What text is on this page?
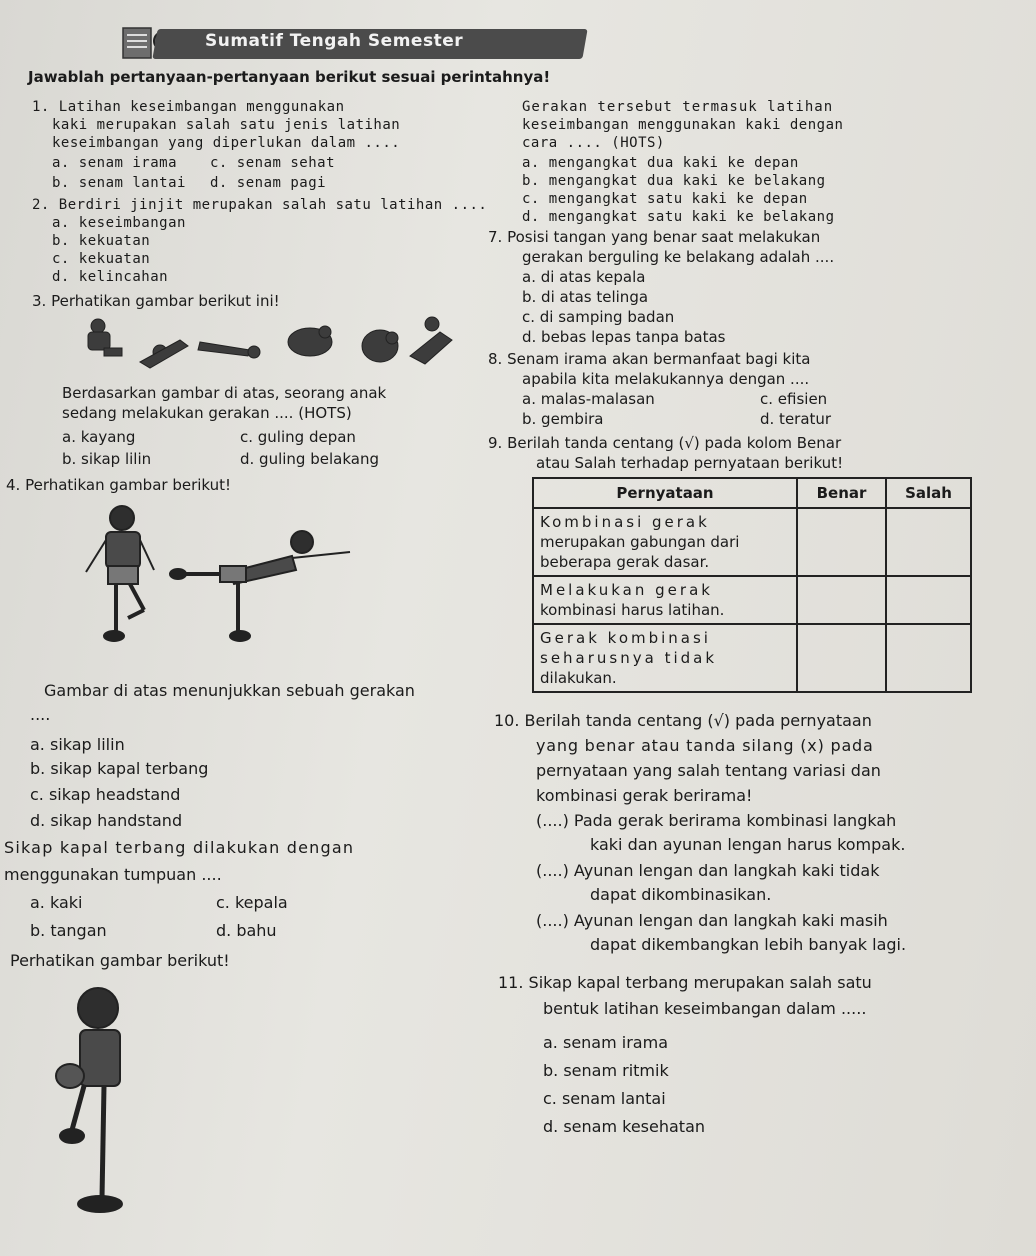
Sumatif Tengah Semester
Jawablah pertanyaan-pertanyaan berikut sesuai perintahnya!
1. Latihan keseimbangan menggunakan
kaki merupakan salah satu jenis latihan
keseimbangan yang diperlukan dalam ....
a. senam irama c. senam sehat
b. senam lantai d. senam pagi
2. Berdiri jinjit merupakan salah satu latihan ....
a. keseimbangan
b. kekuatan
c. kekuatan
d. kelincahan
3. Perhatikan gambar berikut ini!
Berdasarkan gambar di atas, seorang anak
sedang melakukan gerakan .... (HOTS)
a. kayang	c. guling depan
b. sikap lilin	d. guling belakang
4. Perhatikan gambar berikut!
Gambar di atas menunjukkan sebuah gerakan
....
a. sikap lilin
b. sikap kapal terbang
c. sikap headstand
d. sikap handstand
Sikap kapal terbang dilakukan dengan
menggunakan tumpuan ....
a. kaki	c. kepala
b. tangan	d. bahu
Perhatikan gambar berikut!
Gerakan tersebut termasuk latihan
keseimbangan menggunakan kaki dengan
cara .... (HOTS)
a. mengangkat dua kaki ke depan
b. mengangkat dua kaki ke belakang
c. mengangkat satu kaki ke depan
d. mengangkat satu kaki ke belakang
7. Posisi tangan yang benar saat melakukan
gerakan berguling ke belakang adalah ....
a. di atas kepala
b. di atas telinga
c. di samping badan
d. bebas lepas tanpa batas
8. Senam irama akan bermanfaat bagi kita
apabila kita melakukannya dengan ....
a. malas-malasan	c. efisien
b. gembira	d. teratur
9. Berilah tanda centang (√) pada kolom Benar
atau Salah terhadap pernyataan berikut!
Pernyataan	Benar	Salah

Kombinasi gerak
merupakan gabungan dari
beberapa gerak dasar.		

Melakukan gerak
kombinasi harus latihan.		

Gerak kombinasi
seharusnya tidak
dilakukan.		

10. Berilah tanda centang (√) pada pernyataan
yang benar atau tanda silang (x) pada
pernyataan yang salah tentang variasi dan
kombinasi gerak berirama!
(....) Pada gerak berirama kombinasi langkah
kaki dan ayunan lengan harus kompak.
(....) Ayunan lengan dan langkah kaki tidak
dapat dikombinasikan.
(....) Ayunan lengan dan langkah kaki masih
dapat dikembangkan lebih banyak lagi.
11. Sikap kapal terbang merupakan salah satu
bentuk latihan keseimbangan dalam .....
a. senam irama
b. senam ritmik
c. senam lantai
d. senam kesehatan
